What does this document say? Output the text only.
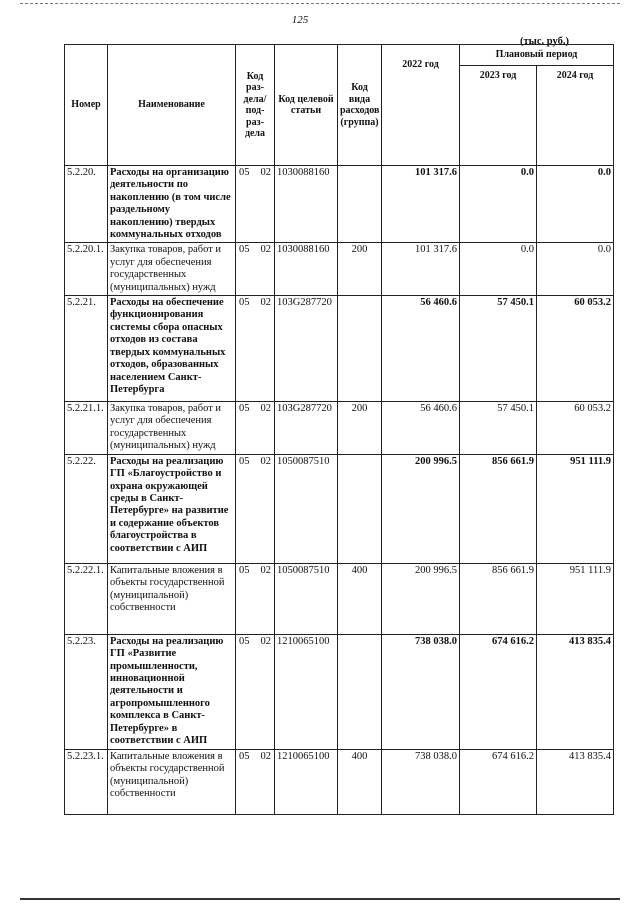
125
(тыс. руб.)
Номер	Наименование	Код раз-дела/ под-раз-дела	Код целевой статьи	Код вида расходов (группа)	2022 год	Плановый период	
						2023 год	2024 год
5.2.20.	Расходы на организацию деятельности по накоплению (в том числе раздельному накоплению) твердых коммунальных отходов	05 02	1030088160		101 317.6	0.0	0.0
5.2.20.1.	Закупка товаров, работ и услуг для обеспечения государственных (муниципальных) нужд	05 02	1030088160	200	101 317.6	0.0	0.0
5.2.21.	Расходы на обеспечение функционирования системы сбора опасных отходов из состава твердых коммунальных отходов, образованных населением Санкт-Петербурга	05 02	103G287720		56 460.6	57 450.1	60 053.2
5.2.21.1.	Закупка товаров, работ и услуг для обеспечения государственных (муниципальных) нужд	05 02	103G287720	200	56 460.6	57 450.1	60 053.2
5.2.22.	Расходы на реализацию ГП «Благоустройство и охрана окружающей среды в Санкт-Петербурге» на развитие и содержание объектов благоустройства в соответствии с АИП	05 02	1050087510		200 996.5	856 661.9	951 111.9
5.2.22.1.	Капитальные вложения в объекты государственной (муниципальной) собственности	05 02	1050087510	400	200 996.5	856 661.9	951 111.9
5.2.23.	Расходы на реализацию ГП «Развитие промышленности, инновационной деятельности и агропромышленного комплекса в Санкт-Петербурге» в соответствии с АИП	05 02	1210065100		738 038.0	674 616.2	413 835.4
5.2.23.1.	Капитальные вложения в объекты государственной (муниципальной) собственности	05 02	1210065100	400	738 038.0	674 616.2	413 835.4
